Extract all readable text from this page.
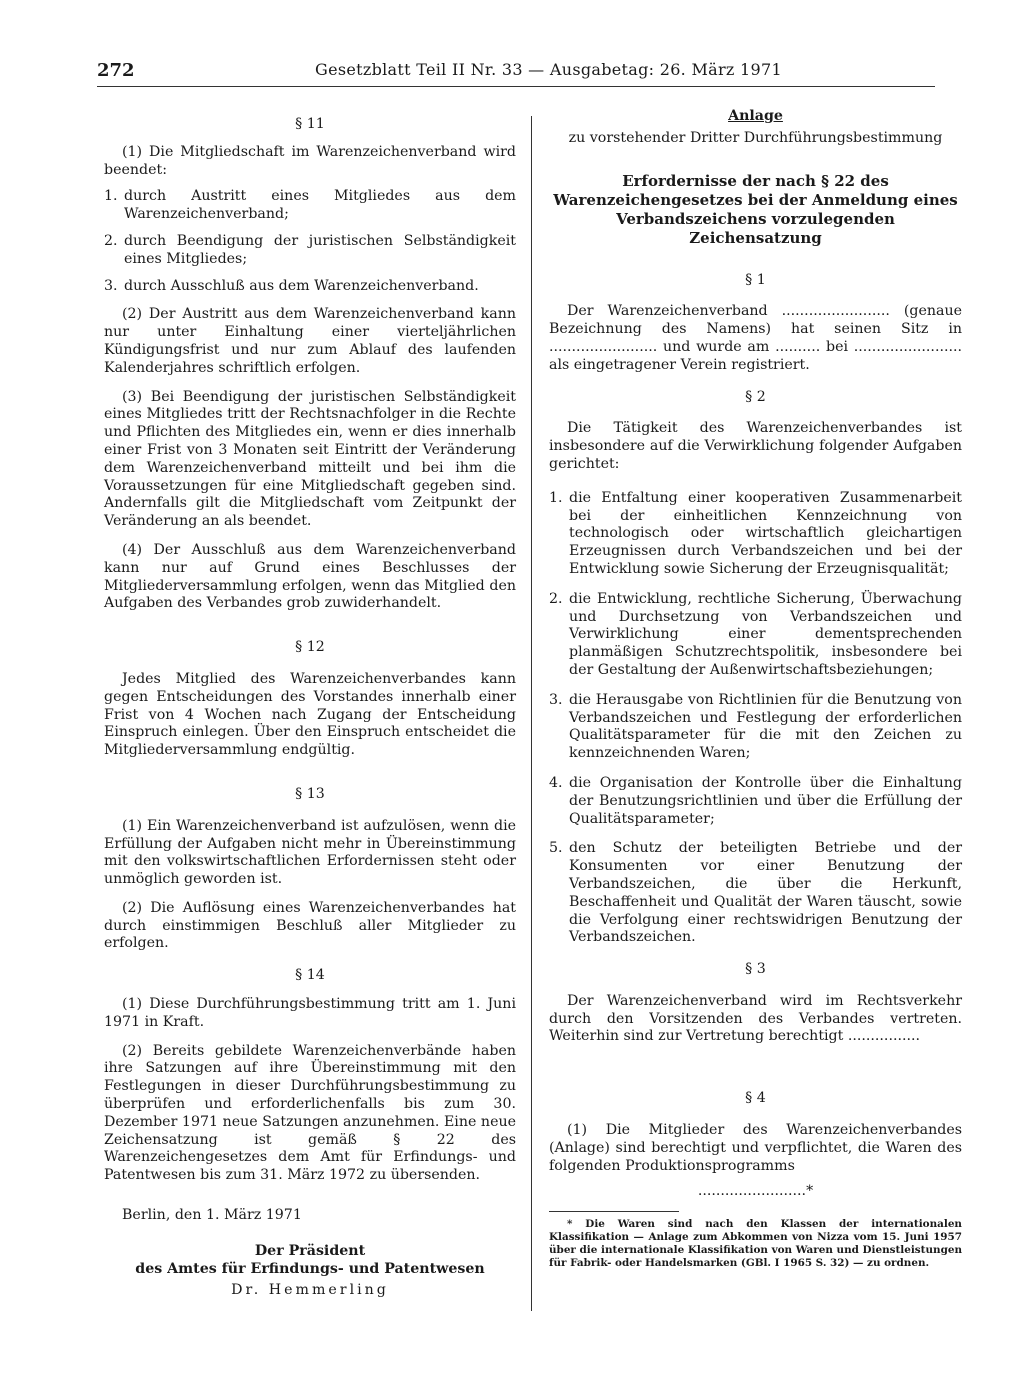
272	Gesetzblatt Teil II Nr. 33 — Ausgabetag: 26. März 1971

§ 11

(1) Die Mitgliedschaft im Warenzeichenverband wird beendet:

1. durch Austritt eines Mitgliedes aus dem Warenzeichenverband;
2. durch Beendigung der juristischen Selbständigkeit eines Mitgliedes;
3. durch Ausschluß aus dem Warenzeichenverband.

(2) Der Austritt aus dem Warenzeichenverband kann nur unter Einhaltung einer vierteljährlichen Kündigungsfrist und nur zum Ablauf des laufenden Kalenderjahres schriftlich erfolgen.

(3) Bei Beendigung der juristischen Selbständigkeit eines Mitgliedes tritt der Rechtsnachfolger in die Rechte und Pflichten des Mitgliedes ein, wenn er dies innerhalb einer Frist von 3 Monaten seit Eintritt der Veränderung dem Warenzeichenverband mitteilt und bei ihm die Voraussetzungen für eine Mitgliedschaft gegeben sind. Andernfalls gilt die Mitgliedschaft vom Zeitpunkt der Veränderung an als beendet.

(4) Der Ausschluß aus dem Warenzeichenverband kann nur auf Grund eines Beschlusses der Mitgliederversammlung erfolgen, wenn das Mitglied den Aufgaben des Verbandes grob zuwiderhandelt.

§ 12

Jedes Mitglied des Warenzeichenverbandes kann gegen Entscheidungen des Vorstandes innerhalb einer Frist von 4 Wochen nach Zugang der Entscheidung Einspruch einlegen. Über den Einspruch entscheidet die Mitgliederversammlung endgültig.

§ 13

(1) Ein Warenzeichenverband ist aufzulösen, wenn die Erfüllung der Aufgaben nicht mehr in Übereinstimmung mit den volkswirtschaftlichen Erfordernissen steht oder unmöglich geworden ist.

(2) Die Auflösung eines Warenzeichenverbandes hat durch einstimmigen Beschluß aller Mitglieder zu erfolgen.

§ 14

(1) Diese Durchführungsbestimmung tritt am 1. Juni 1971 in Kraft.

(2) Bereits gebildete Warenzeichenverbände haben ihre Satzungen auf ihre Übereinstimmung mit den Festlegungen in dieser Durchführungsbestimmung zu überprüfen und erforderlichenfalls bis zum 30. Dezember 1971 neue Satzungen anzunehmen. Eine neue Zeichensatzung ist gemäß § 22 des Warenzeichengesetzes dem Amt für Erfindungs- und Patentwesen bis zum 31. März 1972 zu übersenden.

Berlin, den 1. März 1971

Der Präsident

des Amtes für Erfindungs- und Patentwesen

Dr. Hemmerling

Anlage

zu vorstehender Dritter Durchführungsbestimmung

Erfordernisse der nach § 22 des Warenzeichengesetzes bei der Anmeldung eines Verbandszeichens vorzulegenden Zeichensatzung

§ 1

Der Warenzeichenverband ........................ (genaue Bezeichnung des Namens) hat seinen Sitz in ........................ und wurde am .......... bei ........................ als eingetragener Verein registriert.

§ 2

Die Tätigkeit des Warenzeichenverbandes ist insbesondere auf die Verwirklichung folgender Aufgaben gerichtet:

1. die Entfaltung einer kooperativen Zusammenarbeit bei der einheitlichen Kennzeichnung von technologisch oder wirtschaftlich gleichartigen Erzeugnissen durch Verbandszeichen und bei der Entwicklung sowie Sicherung der Erzeugnisqualität;
2. die Entwicklung, rechtliche Sicherung, Überwachung und Durchsetzung von Verbandszeichen und Verwirklichung einer dementsprechenden planmäßigen Schutzrechtspolitik, insbesondere bei der Gestaltung der Außenwirtschaftsbeziehungen;
3. die Herausgabe von Richtlinien für die Benutzung von Verbandszeichen und Festlegung der erforderlichen Qualitätsparameter für die mit den Zeichen zu kennzeichnenden Waren;
4. die Organisation der Kontrolle über die Einhaltung der Benutzungsrichtlinien und über die Erfüllung der Qualitätsparameter;
5. den Schutz der beteiligten Betriebe und der Konsumenten vor einer Benutzung der Verbandszeichen, die über die Herkunft, Beschaffenheit und Qualität der Waren täuscht, sowie die Verfolgung einer rechtswidrigen Benutzung der Verbandszeichen.

§ 3

Der Warenzeichenverband wird im Rechtsverkehr durch den Vorsitzenden des Verbandes vertreten. Weiterhin sind zur Vertretung berechtigt ................

§ 4

(1) Die Mitglieder des Warenzeichenverbandes (Anlage) sind berechtigt und verpflichtet, die Waren des folgenden Produktionsprogramms

........................*

* Die Waren sind nach den Klassen der internationalen Klassifikation — Anlage zum Abkommen von Nizza vom 15. Juni 1957 über die internationale Klassifikation von Waren und Dienstleistungen für Fabrik- oder Handelsmarken (GBl. I 1965 S. 32) — zu ordnen.
